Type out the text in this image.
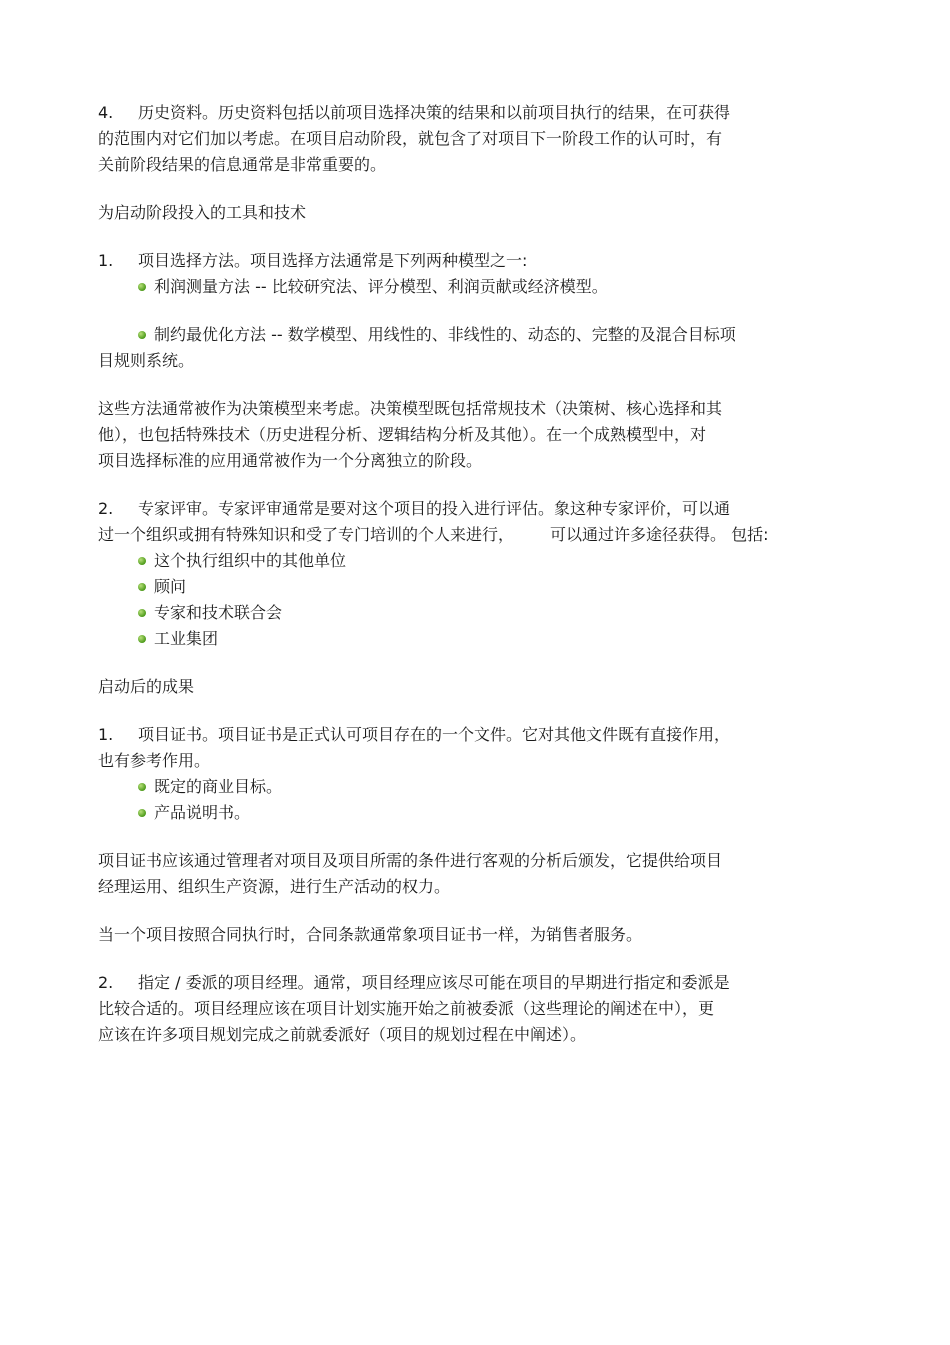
4. 历史资料。历史资料包括以前项目选择决策的结果和以前项目执行的结果，在可获得
的范围内对它们加以考虑。在项目启动阶段，就包含了对项目下一阶段工作的认可时，有
关前阶段结果的信息通常是非常重要的。

为启动阶段投入的工具和技术

1. 项目选择方法。项目选择方法通常是下列两种模型之一:

利润测量方法 -- 比较研究法、评分模型、利润贡献或经济模型。

制约最优化方法 -- 数学模型、用线性的、非线性的、动态的、完整的及混合目标项
目规则系统。

这些方法通常被作为决策模型来考虑。决策模型既包括常规技术（决策树、核心选择和其
他），也包括特殊技术（历史进程分析、逻辑结构分析及其他）。在一个成熟模型中，对
项目选择标准的应用通常被作为一个分离独立的阶段。

2. 专家评审。专家评审通常是要对这个项目的投入进行评估。象这种专家评价，可以通
过一个组织或拥有特殊知识和受了专门培训的个人来进行， 可以通过许多途径获得。 包括:

这个执行组织中的其他单位

顾问

专家和技术联合会

工业集团

启动后的成果

1. 项目证书。项目证书是正式认可项目存在的一个文件。它对其他文件既有直接作用，
也有参考作用。

既定的商业目标。

产品说明书。

项目证书应该通过管理者对项目及项目所需的条件进行客观的分析后颁发，它提供给项目
经理运用、组织生产资源，进行生产活动的权力。

当一个项目按照合同执行时，合同条款通常象项目证书一样，为销售者服务。

2. 指定 / 委派的项目经理。通常，项目经理应该尽可能在项目的早期进行指定和委派是
比较合适的。项目经理应该在项目计划实施开始之前被委派（这些理论的阐述在中），更
应该在许多项目规划完成之前就委派好（项目的规划过程在中阐述）。
